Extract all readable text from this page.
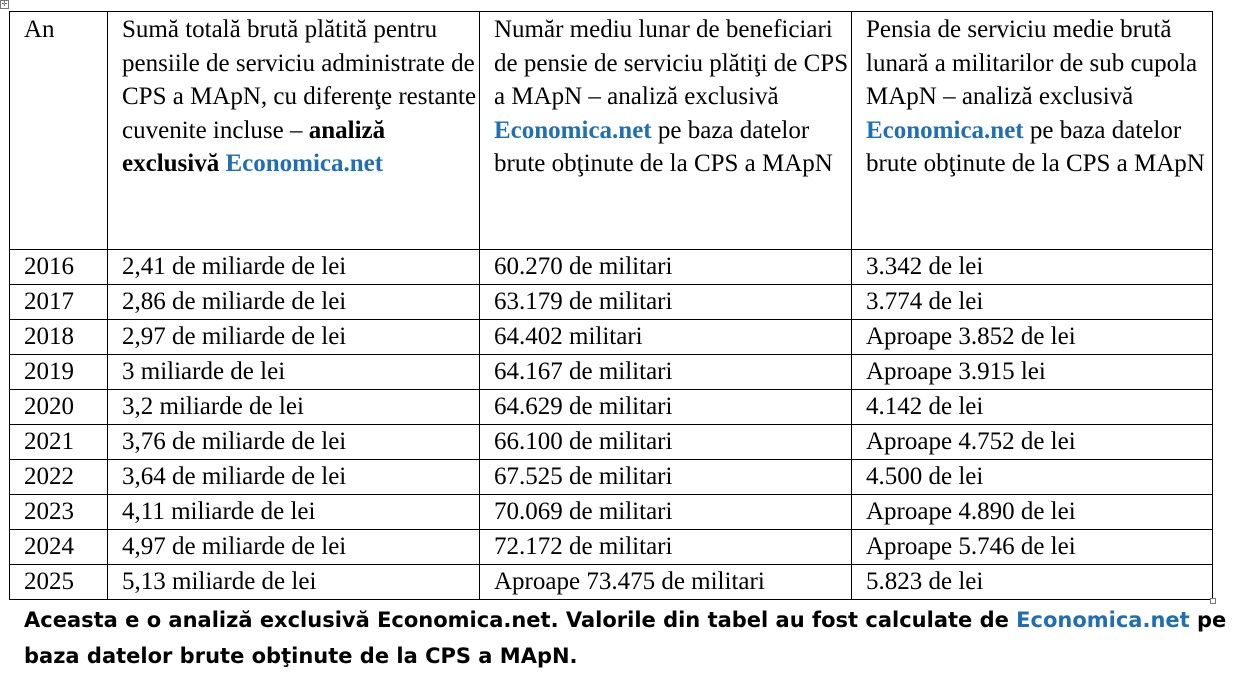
✛
An	Sumă totală brută plătită pentru pensiile de serviciu administrate de CPS a MApN, cu diferenţe restante cuvenite incluse – analiză exclusivă Economica.net	Număr mediu lunar de beneficiari de pensie de serviciu plătiţi de CPS a MApN – analiză exclusivă Economica.net pe baza datelor brute obţinute de la CPS a MApN	Pensia de serviciu medie brută lunară a militarilor de sub cupola MApN – analiză exclusivă Economica.net pe baza datelor brute obţinute de la CPS a MApN
2016	2,41 de miliarde de lei	60.270 de militari	3.342 de lei
2017	2,86 de miliarde de lei	63.179 de militari	3.774 de lei
2018	2,97 de miliarde de lei	64.402 militari	Aproape 3.852 de lei
2019	3 miliarde de lei	64.167 de militari	Aproape 3.915 lei
2020	3,2 miliarde de lei	64.629 de militari	4.142 de lei
2021	3,76 de miliarde de lei	66.100 de militari	Aproape 4.752 de lei
2022	3,64 de miliarde de lei	67.525 de militari	4.500 de lei
2023	4,11 miliarde de lei	70.069 de militari	Aproape 4.890 de lei
2024	4,97 de miliarde de lei	72.172 de militari	Aproape 5.746 de lei
2025	5,13 miliarde de lei	Aproape 73.475 de militari	5.823 de lei
Aceasta e o analiză exclusivă Economica.net. Valorile din tabel au fost calculate de Economica.net pe
baza datelor brute obţinute de la CPS a MApN.
